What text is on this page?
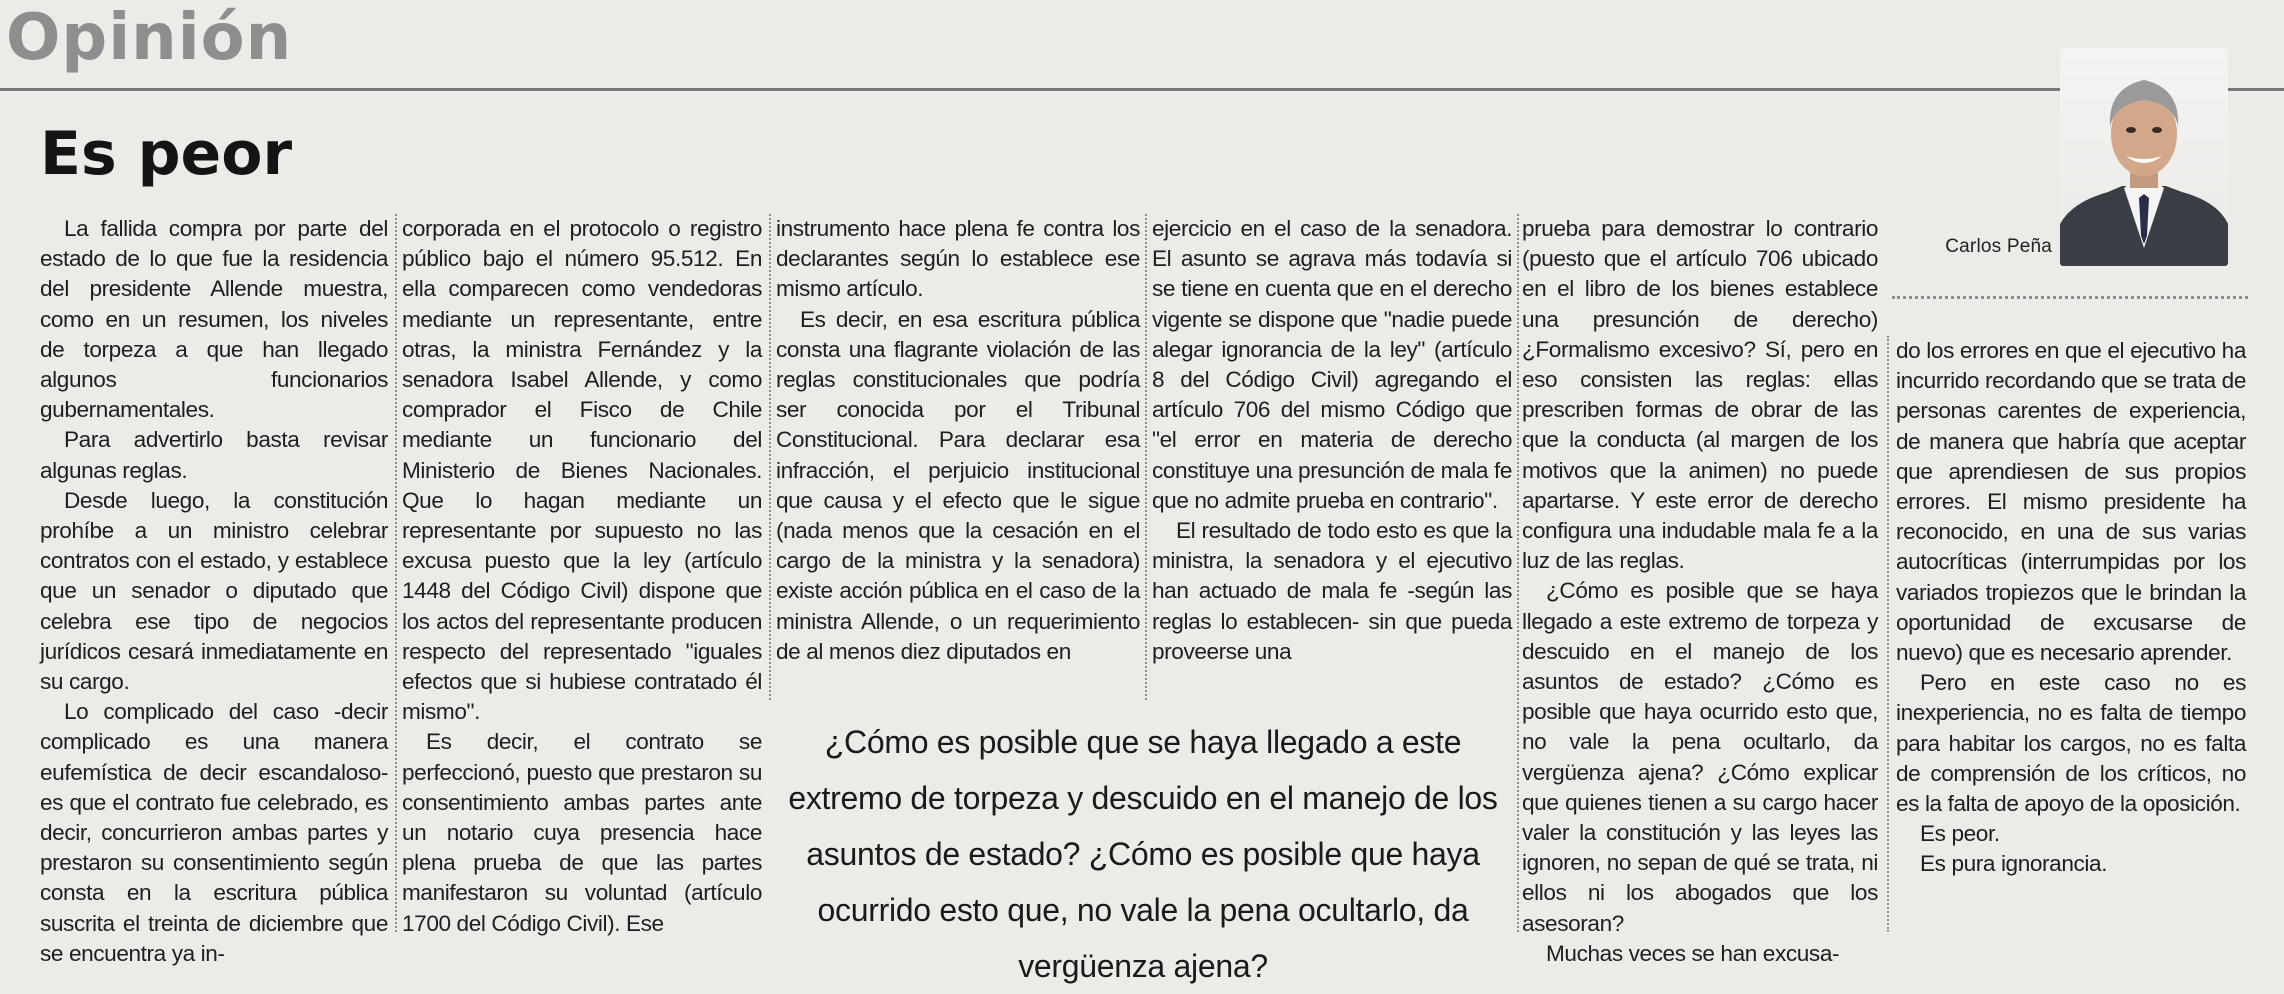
Opinión
Es peor
Carlos Peña

La fallida compra por parte del estado de lo que fue la residencia del presidente Allende muestra, como en un resumen, los niveles de torpeza a que han llegado algunos funcionarios gubernamentales.

Para advertirlo basta revisar algunas reglas.

Desde luego, la constitución prohíbe a un ministro celebrar contratos con el estado, y establece que un senador o diputado que celebra ese tipo de negocios jurídicos cesará inmediatamente en su cargo.

Lo complicado del caso -decir complicado es una manera eufemística de decir escandaloso- es que el contrato fue celebrado, es decir, concurrieron ambas partes y prestaron su consentimiento según consta en la escritura pública suscrita el treinta de diciembre que se encuentra ya in-

corporada en el protocolo o registro público bajo el número 95.512. En ella comparecen como vendedoras mediante un representante, entre otras, la ministra Fernández y la senadora Isabel Allende, y como comprador el Fisco de Chile mediante un funcionario del Ministerio de Bienes Nacionales. Que lo hagan mediante un representante por supuesto no las excusa puesto que la ley (artículo 1448 del Código Civil) dispone que los actos del representante producen respecto del representado "iguales efectos que si hubiese contratado él mismo".

Es decir, el contrato se perfeccionó, puesto que prestaron su consentimiento ambas partes ante un notario cuya presencia hace plena prueba de que las partes manifestaron su voluntad (artículo 1700 del Código Civil). Ese

instrumento hace plena fe contra los declarantes según lo establece ese mismo artículo.

Es decir, en esa escritura pública consta una flagrante violación de las reglas constitucionales que podría ser conocida por el Tribunal Constitucional. Para declarar esa infracción, el perjuicio institucional que causa y el efecto que le sigue (nada menos que la cesación en el cargo de la ministra y la senadora) existe acción pública en el caso de la ministra Allende, o un requerimiento de al menos diez diputados en

ejercicio en el caso de la senadora. El asunto se agrava más todavía si se tiene en cuenta que en el derecho vigente se dispone que "nadie puede alegar ignorancia de la ley" (artículo 8 del Código Civil) agregando el artículo 706 del mismo Código que "el error en materia de derecho constituye una presunción de mala fe que no admite prueba en contrario".

El resultado de todo esto es que la ministra, la senadora y el ejecutivo han actuado de mala fe -según las reglas lo establecen- sin que pueda proveerse una

prueba para demostrar lo contrario (puesto que el artículo 706 ubicado en el libro de los bienes establece una presunción de derecho) ¿Formalismo excesivo? Sí, pero en eso consisten las reglas: ellas prescriben formas de obrar de las que la conducta (al margen de los motivos que la animen) no puede apartarse. Y este error de derecho configura una indudable mala fe a la luz de las reglas.

¿Cómo es posible que se haya llegado a este extremo de torpeza y descuido en el manejo de los asuntos de estado? ¿Cómo es posible que haya ocurrido esto que, no vale la pena ocultarlo, da vergüenza ajena? ¿Cómo explicar que quienes tienen a su cargo hacer valer la constitución y las leyes las ignoren, no sepan de qué se trata, ni ellos ni los abogados que los asesoran?

Muchas veces se han excusa-

do los errores en que el ejecutivo ha incurrido recordando que se trata de personas carentes de experiencia, de manera que habría que aceptar que aprendiesen de sus propios errores. El mismo presidente ha reconocido, en una de sus varias autocríticas (interrumpidas por los variados tropiezos que le brindan la oportunidad de excusarse de nuevo) que es necesario aprender.

Pero en este caso no es inexperiencia, no es falta de tiempo para habitar los cargos, no es falta de comprensión de los críticos, no es la falta de apoyo de la oposición.

Es peor.

Es pura ignorancia.

¿Cómo es posible que se haya llegado a este extremo de torpeza y descuido en el manejo de los asuntos de estado? ¿Cómo es posible que haya ocurrido esto que, no vale la pena ocultarlo, da vergüenza ajena?
